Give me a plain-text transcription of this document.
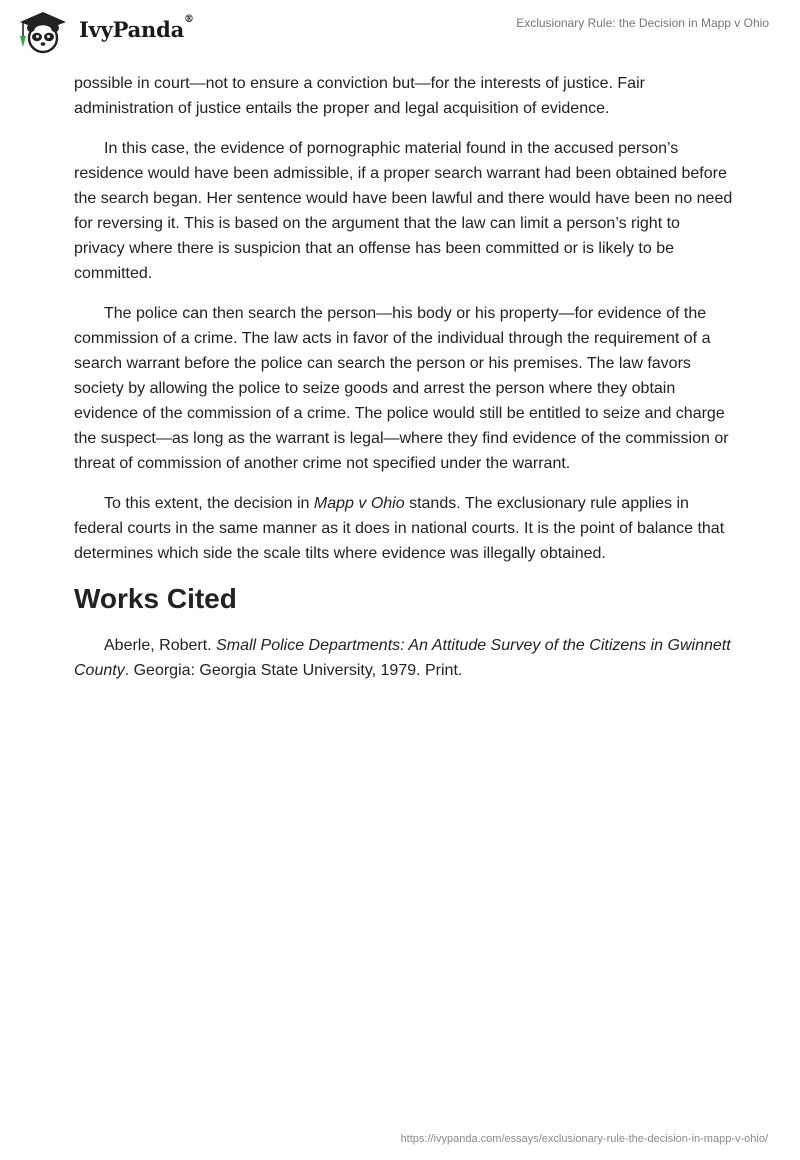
IvyPanda®	Exclusionary Rule: the Decision in Mapp v Ohio

possible in court—not to ensure a conviction but—for the interests of justice. Fair administration of justice entails the proper and legal acquisition of evidence.

In this case, the evidence of pornographic material found in the accused person’s residence would have been admissible, if a proper search warrant had been obtained before the search began. Her sentence would have been lawful and there would have been no need for reversing it. This is based on the argument that the law can limit a person’s right to privacy where there is suspicion that an offense has been committed or is likely to be committed.

The police can then search the person—his body or his property—for evidence of the commission of a crime. The law acts in favor of the individual through the requirement of a search warrant before the police can search the person or his premises. The law favors society by allowing the police to seize goods and arrest the person where they obtain evidence of the commission of a crime. The police would still be entitled to seize and charge the suspect—as long as the warrant is legal—where they find evidence of the commission or threat of commission of another crime not specified under the warrant.

To this extent, the decision in Mapp v Ohio stands. The exclusionary rule applies in federal courts in the same manner as it does in national courts. It is the point of balance that determines which side the scale tilts where evidence was illegally obtained.

Works Cited

Aberle, Robert. Small Police Departments: An Attitude Survey of the Citizens in Gwinnett County. Georgia: Georgia State University, 1979. Print.

https://ivypanda.com/essays/exclusionary-rule-the-decision-in-mapp-v-ohio/
